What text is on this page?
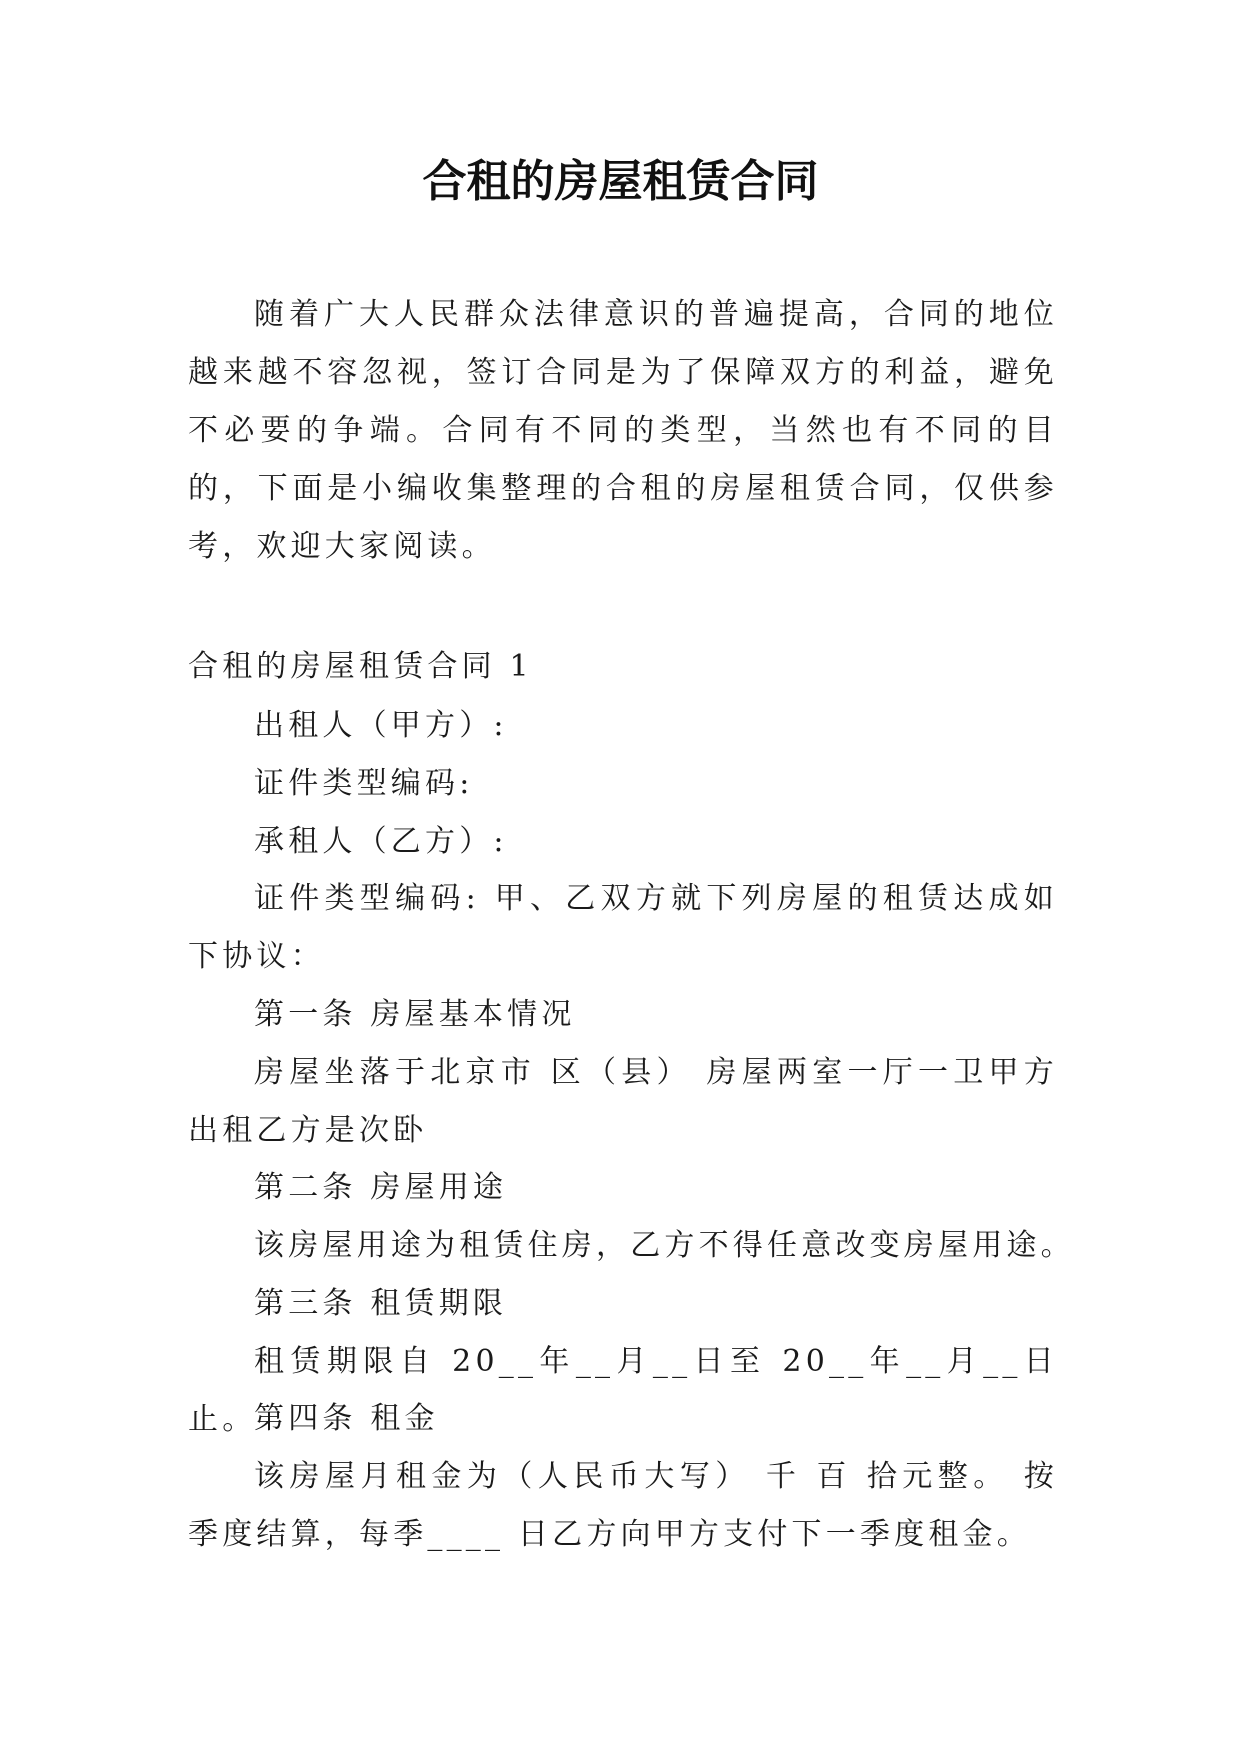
合租的房屋租赁合同

随着广大人民群众法律意识的普遍提高，合同的地位越来越不容忽视，签订合同是为了保障双方的利益，避免不必要的争端。合同有不同的类型，当然也有不同的目的，下面是小编收集整理的合租的房屋租赁合同，仅供参考，欢迎大家阅读。

合租的房屋租赁合同 1

出租人（甲方）:

证件类型编码:

承租人（乙方）:

证件类型编码: 甲、乙双方就下列房屋的租赁达成如下协议：

第一条 房屋基本情况

房屋坐落于北京市 区（县） 房屋两室一厅一卫甲方出租乙方是次卧

第二条 房屋用途

该房屋用途为租赁住房，乙方不得任意改变房屋用途。

第三条 租赁期限

租赁期限自 20__年__月__日至 20__年__月__日止。

第四条 租金

该房屋月租金为（人民币大写） 千 百 拾元整。 按季度结算，每季____ 日乙方向甲方支付下一季度租金。
